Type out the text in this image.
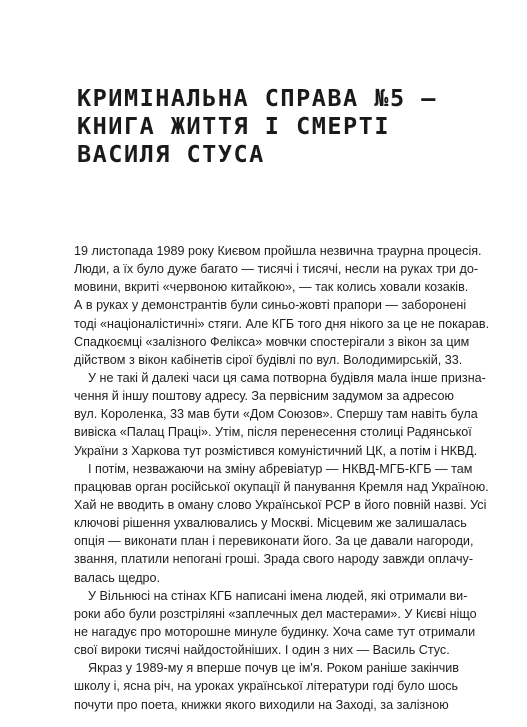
КРИМІНАЛЬНА СПРАВА №5 –
КНИГА ЖИТТЯ І СМЕРТІ
ВАСИЛЯ СТУСА
19 листопада 1989 року Києвом пройшла незвична траурна процесія.
Люди, а їх було дуже багато — тисячі і тисячі, несли на руках три до-
мовини, вкриті «червоною китайкою», — так колись ховали козаків.
А в руках у демонстрантів були синьо-жовті прапори — заборонені
тоді «націоналістичні» стяги. Але КГБ того дня нікого за це не покарав.
Спадкоємці «залізного Фелікса» мовчки спостерігали з вікон за цим
дійством з вікон кабінетів сірої будівлі по вул. Володимирській, 33.
У не такі й далекі часи ця сама потворна будівля мала інше призна-
чення й іншу поштову адресу. За первісним задумом за адресою
вул. Короленка, 33 мав бути «Дом Союзов». Спершу там навіть була
вивіска «Палац Праці». Утім, після перенесення столиці Радянської
України з Харкова тут розмістився комуністичний ЦК, а потім і НКВД.
І потім, незважаючи на зміну абревіатур — НКВД-МГБ-КГБ — там
працював орган російської окупації й панування Кремля над Україною.
Хай не вводить в оману слово Української РСР в його повній назві. Усі
ключові рішення ухвалювались у Москві. Місцевим же залишалась
опція — виконати план і перевиконати його. За це давали нагороди,
звання, платили непогані гроші. Зрада свого народу завжди оплачу-
валась щедро.
У Вільнюсі на стінах КГБ написані імена людей, які отримали ви-
роки або були розстріляні «заплечных дел мастерами». У Києві ніщо
не нагадує про моторошне минуле будинку. Хоча саме тут отримали
свої вироки тисячі найдостойніших. І один з них — Василь Стус.
Якраз у 1989-му я вперше почув це ім'я. Роком раніше закінчив
школу і, ясна річ, на уроках української літератури годі було шось
почути про поета, книжки якого виходили на Заході, за залізною
